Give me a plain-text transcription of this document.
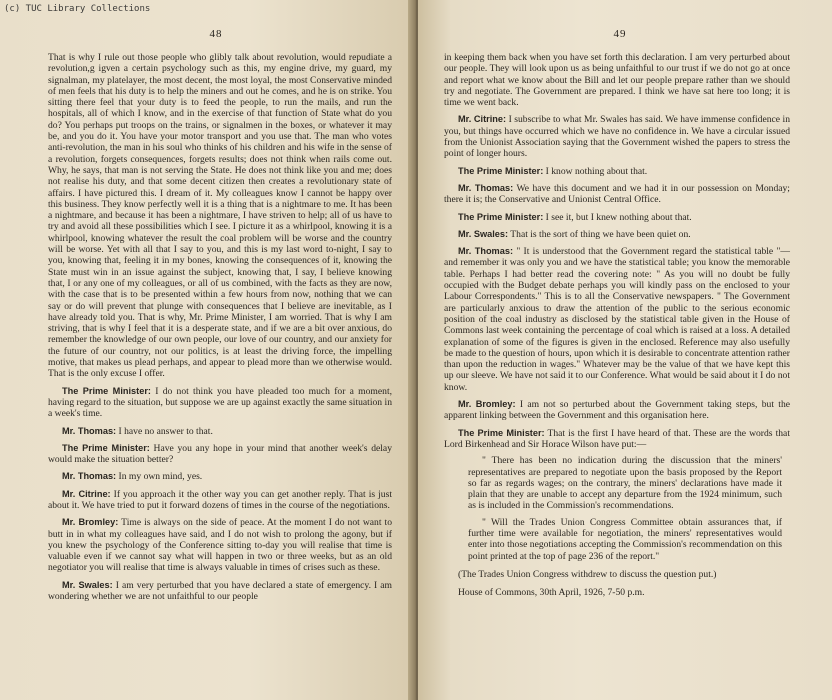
(c) TUC Library Collections
48

That is why I rule out those people who glibly talk about revolution, would repudiate a revolution,g igven a certain psychology such as this, my engine drive, my guard, my signalman, my platelayer, the most decent, the most loyal, the most Conservative minded of men feels that his duty is to help the miners and out he comes, and he is on strike. You sitting there feel that your duty is to feed the people, to run the mails, and run the hospitals, all of which I know, and in the exercise of that function of State what do you do? You perhaps put troops on the trains, or signalmen in the boxes, or whatever it may be, and you do it. You have your motor transport and you use that. The man who votes anti-revolution, the man in his soul who thinks of his children and his wife in the sense of a revolution, forgets consequences, forgets results; does not think when rails come out. Why, he says, that man is not serving the State. He does not think like you and me; does not realise his duty, and that some decent citizen then creates a revolutionary state of affairs. I have pictured this. I dream of it. My colleagues know I cannot be happy over this business. They know perfectly well it is a thing that is a nightmare to me. It has been a nightmare, and because it has been a nightmare, I have striven to help; all of us have to try and avoid all these possibilities which I see. I picture it as a whirlpool, knowing it is a whirlpool, knowing whatever the result the coal problem will be worse and the country will be worse. Yet with all that I say to you, and this is my last word to-night, I say to you, knowing that, feeling it in my bones, knowing the consequences of it, knowing the State must win in an issue against the subject, knowing that, I say, I believe knowing that, I or any one of my colleagues, or all of us combined, with the facts as they are now, with the case that is to be presented within a few hours from now, nothing that we can say or do will prevent that plunge with consequences that I believe are inevitable, as I have already told you. That is why, Mr. Prime Minister, I am worried. That is why I am striving, that is why I feel that it is a desperate state, and if we are a bit over anxious, do remember the knowledge of our own people, our love of our country, and our anxiety for the future of our country, not our politics, is at least the driving force, the impelling motive, that makes us plead perhaps, and appear to plead more than we otherwise would. That is the only excuse I offer.

The Prime Minister: I do not think you have pleaded too much for a moment, having regard to the situation, but suppose we are up against exactly the same situation in a week's time.

Mr. Thomas: I have no answer to that.

The Prime Minister: Have you any hope in your mind that another week's delay would make the situation better?

Mr. Thomas: In my own mind, yes.

Mr. Citrine: If you approach it the other way you can get another reply. That is just about it. We have tried to put it forward dozens of times in the course of the negotiations.

Mr. Bromley: Time is always on the side of peace. At the moment I do not want to butt in in what my colleagues have said, and I do not wish to prolong the agony, but if you knew the psychology of the Conference sitting to-day you will realise that time is valuable even if we cannot say what will happen in two or three weeks, but as an old negotiator you will realise that time is always valuable in times of crises such as these.

Mr. Swales: I am very perturbed that you have declared a state of emergency. I am wondering whether we are not unfaithful to our people

49

in keeping them back when you have set forth this declaration. I am very perturbed about our people. They will look upon us as being unfaithful to our trust if we do not go at once and report what we know about the Bill and let our people prepare rather than we should try and negotiate. The Government are prepared. I think we have sat here too long; it is time we went back.

Mr. Citrine: I subscribe to what Mr. Swales has said. We have immense confidence in you, but things have occurred which we have no confidence in. We have a circular issued from the Unionist Association saying that the Government wished the papers to stress the point of longer hours.

The Prime Minister: I know nothing about that.

Mr. Thomas: We have this document and we had it in our possession on Monday; there it is; the Conservative and Unionist Central Office.

The Prime Minister: I see it, but I knew nothing about that.

Mr. Swales: That is the sort of thing we have been quiet on.

Mr. Thomas: " It is understood that the Government regard the statistical table "—and remember it was only you and we have the statistical table; you know the memorable table. Perhaps I had better read the covering note: " As you will no doubt be fully occupied with the Budget debate perhaps you will kindly pass on the enclosed to your Labour Correspondents." This is to all the Conservative newspapers. " The Government are particularly anxious to draw the attention of the public to the serious economic position of the coal industry as disclosed by the statistical table given in the House of Commons last week containing the percentage of coal which is raised at a loss. A detailed explanation of some of the figures is given in the enclosed. Reference may also usefully be made to the question of hours, upon which it is desirable to concentrate attention rather than upon the reduction in wages." Whatever may be the value of that we have kept this up our sleeve. We have not said it to our Conference. What would be said about it I do not know.

Mr. Bromley: I am not so perturbed about the Government taking steps, but the apparent linking between the Government and this organisation here.

The Prime Minister: That is the first I have heard of that. These are the words that Lord Birkenhead and Sir Horace Wilson have put:—

" There has been no indication during the discussion that the miners' representatives are prepared to negotiate upon the basis proposed by the Report so far as regards wages; on the contrary, the miners' declarations have made it plain that they are unable to accept any departure from the 1924 minimum, such as is included in the Commission's recommendations.

" Will the Trades Union Congress Committee obtain assurances that, if further time were available for negotiation, the miners' representatives would enter into those negotiations accepting the Commission's recommendation on this point printed at the top of page 236 of the report."

(The Trades Union Congress withdrew to discuss the question put.)

House of Commons, 30th April, 1926, 7-50 p.m.
